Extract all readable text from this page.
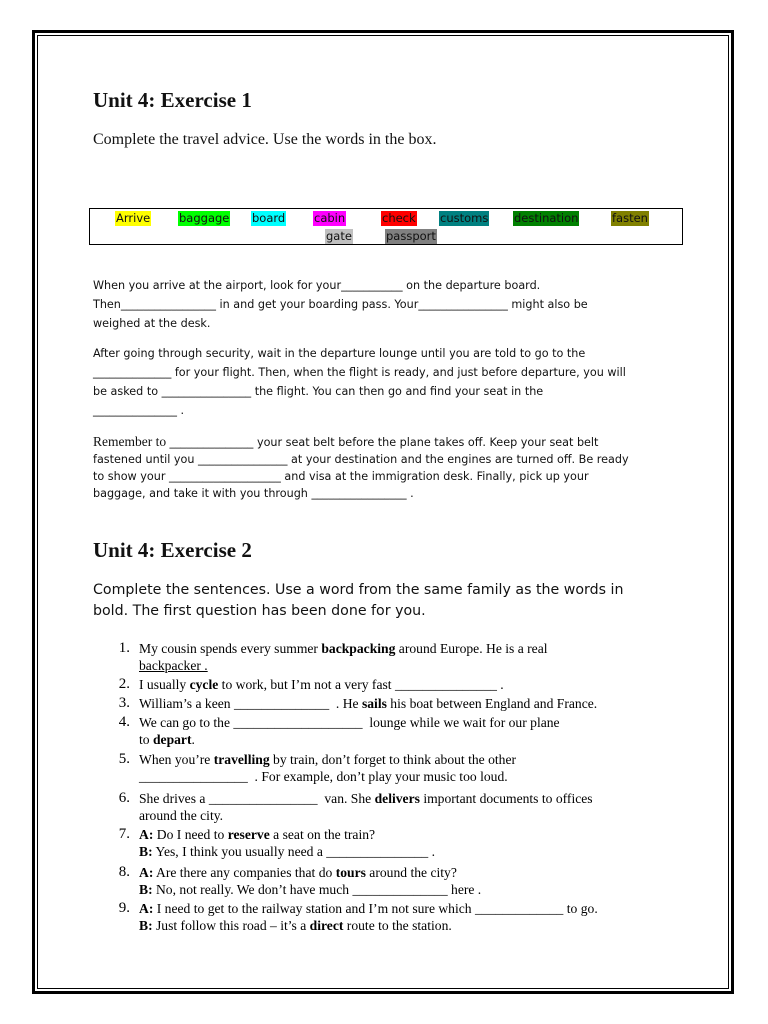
Unit 4: Exercise 1

Complete the travel advice. Use the words in the box.

Arrive	baggage board	cabin	check customs destination	fasten
gate	passport
When you arrive at the airport, look for your___________ on the departure board.
Then_________________ in and get your boarding pass. Your________________ might also be
weighed at the desk.
After going through security, wait in the departure lounge until you are told to go to the
______________ for your flight. Then, when the flight is ready, and just before departure, you will
be asked to ________________ the flight. You can then go and find your seat in the
_______________ .
Remember to _______________ your seat belt before the plane takes off. Keep your seat belt
fastened until you ________________ at your destination and the engines are turned off. Be ready
to show your ____________________ and visa at the immigration desk. Finally, pick up your
baggage, and take it with you through _________________ .
Unit 4: Exercise 2
Complete the sentences. Use a word from the same family as the words in
bold. The first question has been done for you.
1. My cousin spends every summer backpacking around Europe. He is a real
backpacker .
2. I usually cycle to work, but I’m not a very fast _______________ .
3. William’s a keen ______________  . He sails his boat between England and France.
4. We can go to the ___________________  lounge while we wait for our plane
to depart.
5. When you’re travelling by train, don’t forget to think about the other
________________  . For example, don’t play your music too loud.
6. She drives a ________________  van. She delivers important documents to offices
around the city.
7. A: Do I need to reserve a seat on the train?
B: Yes, I think you usually need a _______________ .
8. A: Are there any companies that do tours around the city?
B: No, not really. We don’t have much ______________ here .
9. A: I need to get to the railway station and I’m not sure which _____________ to go.
B: Just follow this road – it’s a direct route to the station.
